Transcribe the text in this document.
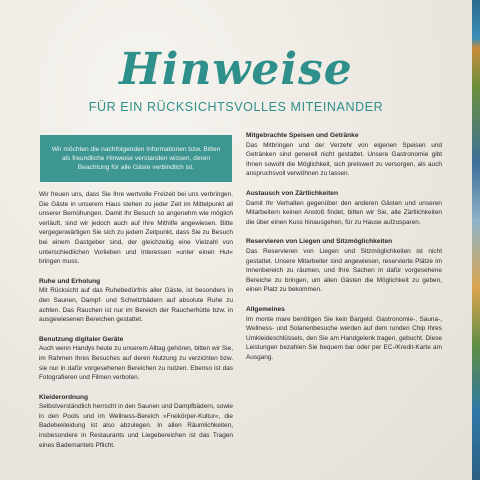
Hinweise
FÜR EIN RÜCKSICHTSVOLLES MITEINANDER
Wir möchten die nachfolgenden Informationen bzw. Bitten als freundliche Hinweise verstanden wissen, deren Beachtung für alle Gäste verbindlich ist.

Wir freuen uns, dass Sie Ihre wertvolle Freizeit bei uns verbringen. Die Gäste in unserem Haus stehen zu jeder Zeit im Mittelpunkt all unserer Bemühungen. Damit Ihr Besuch so angenehm wie möglich verläuft, sind wir jedoch auch auf Ihre Mithilfe angewiesen. Bitte vergegenwärtigen Sie sich zu jedem Zeitpunkt, dass Sie zu Besuch bei einem Gastgeber sind, der gleichzeitig eine Vielzahl von unterschiedlichen Vorlieben und Interessen »unter einen Hut« bringen muss.

Ruhe und Erholung

Mit Rücksicht auf das Ruhebedürfnis aller Gäste, ist besonders in den Saunen, Dampf- und Schwitzbädern auf absolute Ruhe zu achten. Das Rauchen ist nur im Bereich der Raucherhütte bzw. in ausgewiesenen Bereichen gestattet.

Benutzung digitaler Geräte

Auch wenn Handys heute zu unserem Alltag gehören, bitten wir Sie, im Rahmen Ihres Besuches auf deren Nutzung zu verzichten bzw. sie nur in dafür vorgesehenen Bereichen zu nutzen. Ebenso ist das Fotografieren und Filmen verboten.

Kleiderordnung

Selbstverständlich herrscht in den Saunen und Dampfbädern, sowie in den Pools und im Wellness-Bereich »Freikörper-Kultur«, die Badebekleidung ist also abzulegen. In allen Räumlichkeiten, insbesondere in Restaurants und Liegebereichen ist das Tragen eines Bademantels Pflicht.

Mitgebrachte Speisen und Getränke

Das Mitbringen und der Verzehr von eigenen Speisen und Getränken sind generell nicht gestattet. Unsere Gastronomie gibt Ihnen sowohl die Möglichkeit, sich preiswert zu versorgen, als auch anspruchsvoll verwöhnen zu lassen.

Austausch von Zärtlichkeiten

Damit Ihr Verhalten gegenüber den anderen Gästen und unseren Mitarbeitern keinen Anstoß findet, bitten wir Sie, alle Zärtlichkeiten die über einen Kuss hinausgehen, für zu Hause aufzusparen.

Reservieren von Liegen und Sitzmöglichkeiten

Das Reservieren von Liegen und Sitzmöglichkeiten ist nicht gestattet. Unsere Mitarbeiter sind angewiesen, reservierte Plätze im Innenbereich zu räumen, und Ihre Sachen in dafür vorgesehene Bereiche zu bringen, um allen Gästen die Möglichkeit zu geben, einen Platz zu bekommen.

Allgemeines

Im monte mare benötigen Sie kein Bargeld. Gastronomie-, Sauna-, Wellness- und Solarienbesuche werden auf dem runden Chip Ihres Umkleideschlüssels, den Sie am Handgelenk tragen, gebucht. Diese Leistungen bezahlen Sie bequem bar oder per EC-/Kredit-Karte am Ausgang.
